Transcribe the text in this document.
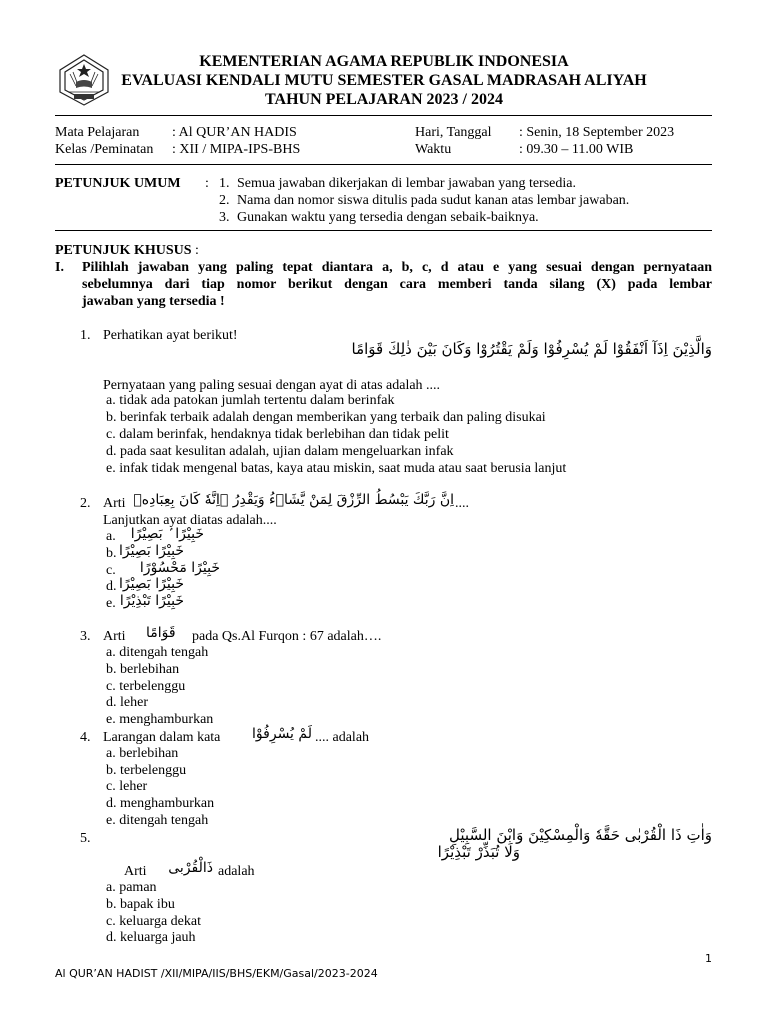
KEMENTERIAN AGAMA REPUBLIK INDONESIA
EVALUASI KENDALI MUTU SEMESTER GASAL MADRASAH ALIYAH
TAHUN PELAJARAN 2023 / 2024
Mata Pelajaran : Al QUR’AN HADIS
Kelas /Peminatan : XII / MIPA-IPS-BHS
Hari, Tanggal : Senin, 18 September 2023
Waktu	: 09.30 – 11.00 WIB
PETUNJUK UMUM : 1. Semua jawaban dikerjakan di lembar jawaban yang tersedia.
2. Nama dan nomor siswa ditulis pada sudut kanan atas lembar jawaban.
3. Gunakan waktu yang tersedia dengan sebaik-baiknya.
PETUNJUK KHUSUS :
I. Pilihlah jawaban yang paling tepat diantara a, b, c, d atau e yang sesuai dengan pernyataan
sebelumnya dari tiap nomor berikut dengan cara memberi tanda silang (X) pada lembar
jawaban yang tersedia !
1. Perhatikan ayat berikut!
وَالَّذِيْنَ اِذَآ اَنْفَقُوْا لَمْ يُسْرِفُوْا وَلَمْ يَقْتُرُوْا وَكَانَ بَيْنَ ذٰلِكَ قَوَامًا
Pernyataan yang paling sesuai dengan ayat di atas adalah ....
a. tidak ada patokan jumlah tertentu dalam berinfak
b. berinfak terbaik adalah dengan memberikan yang terbaik dan paling disukai
c. dalam berinfak, hendaknya tidak berlebihan dan tidak pelit
d. pada saat kesulitan adalah, ujian dalam mengeluarkan infak
e. infak tidak mengenal batas, kaya atau miskin, saat muda atau saat berusia lanjut
2. Arti اِنَّ رَبَّكَ يَبْسُطُ الرِّزْقَ لِمَنْ يَّشَاۤءُ وَيَقْدِرُ ۗاِنَّهٗ كَانَ بِعِبَادِهٖ ....
Lanjutkan ayat diatas adalah....
a.	خَبِيْرًا ۢ بَصِيْرًا
b. خَبِيْرًا بَصِيْرًا
c.	خَبِيْرًا مَحْسُوْرًا
d. خَبِيْرًا بَصِيْرًا
e. خَبِيْرًا تَبْذِيْرًا
3. Arti قَوَامًا pada Qs.Al Furqon : 67 adalah….
a. ditengah tengah
b. berlebihan
c. terbelenggu
d. leher
e. menghamburkan
4. Larangan dalam kata	لَمْ يُسْرِفُوْا .... adalah
a. berlebihan
b. terbelenggu
c. leher
d. menghamburkan
e. ditengah tengah
5.	وَاٰتِ ذَا الْقُرْبٰى حَقَّهٗ وَالْمِسْكِيْنَ وَابْنَ السَّبِيْلِ
وَلَا تُبَذِّرْ تَبْذِيْرًا
Arti ذَالْقُرْبى adalah
a. paman
b. bapak ibu
c. keluarga dekat
d. keluarga jauh
1
Al QUR’AN HADIST /XII/MIPA/IIS/BHS/EKM/Gasal/2023-2024
